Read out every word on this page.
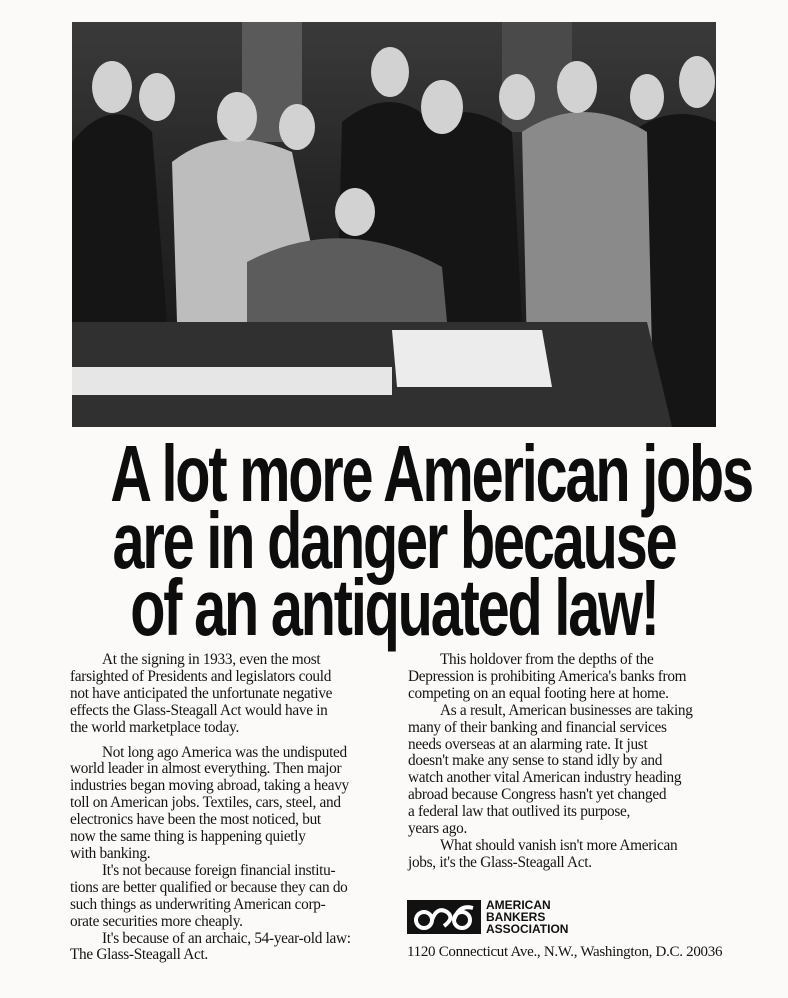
A lot more American jobs
are in danger because
of an antiquated law!
At the signing in 1933, even the most
farsighted of Presidents and legislators could
not have anticipated the unfortunate negative
effects the Glass-Steagall Act would have in
the world marketplace today.
Not long ago America was the undisputed
world leader in almost everything. Then major
industries began moving abroad, taking a heavy
toll on American jobs. Textiles, cars, steel, and
electronics have been the most noticed, but
now the same thing is happening quietly
with banking.
It's not because foreign financial institu-
tions are better qualified or because they can do
such things as underwriting American corp-
orate securities more cheaply.
It's because of an archaic, 54-year-old law:
The Glass-Steagall Act.
This holdover from the depths of the
Depression is prohibiting America's banks from
competing on an equal footing here at home.
As a result, American businesses are taking
many of their banking and financial services
needs overseas at an alarming rate. It just
doesn't make any sense to stand idly by and
watch another vital American industry heading
abroad because Congress hasn't yet changed
a federal law that outlived its purpose,
years ago.
What should vanish isn't more American
jobs, it's the Glass-Steagall Act.
AMERICAN
BANKERS
ASSOCIATION
1120 Connecticut Ave., N.W., Washington, D.C. 20036
